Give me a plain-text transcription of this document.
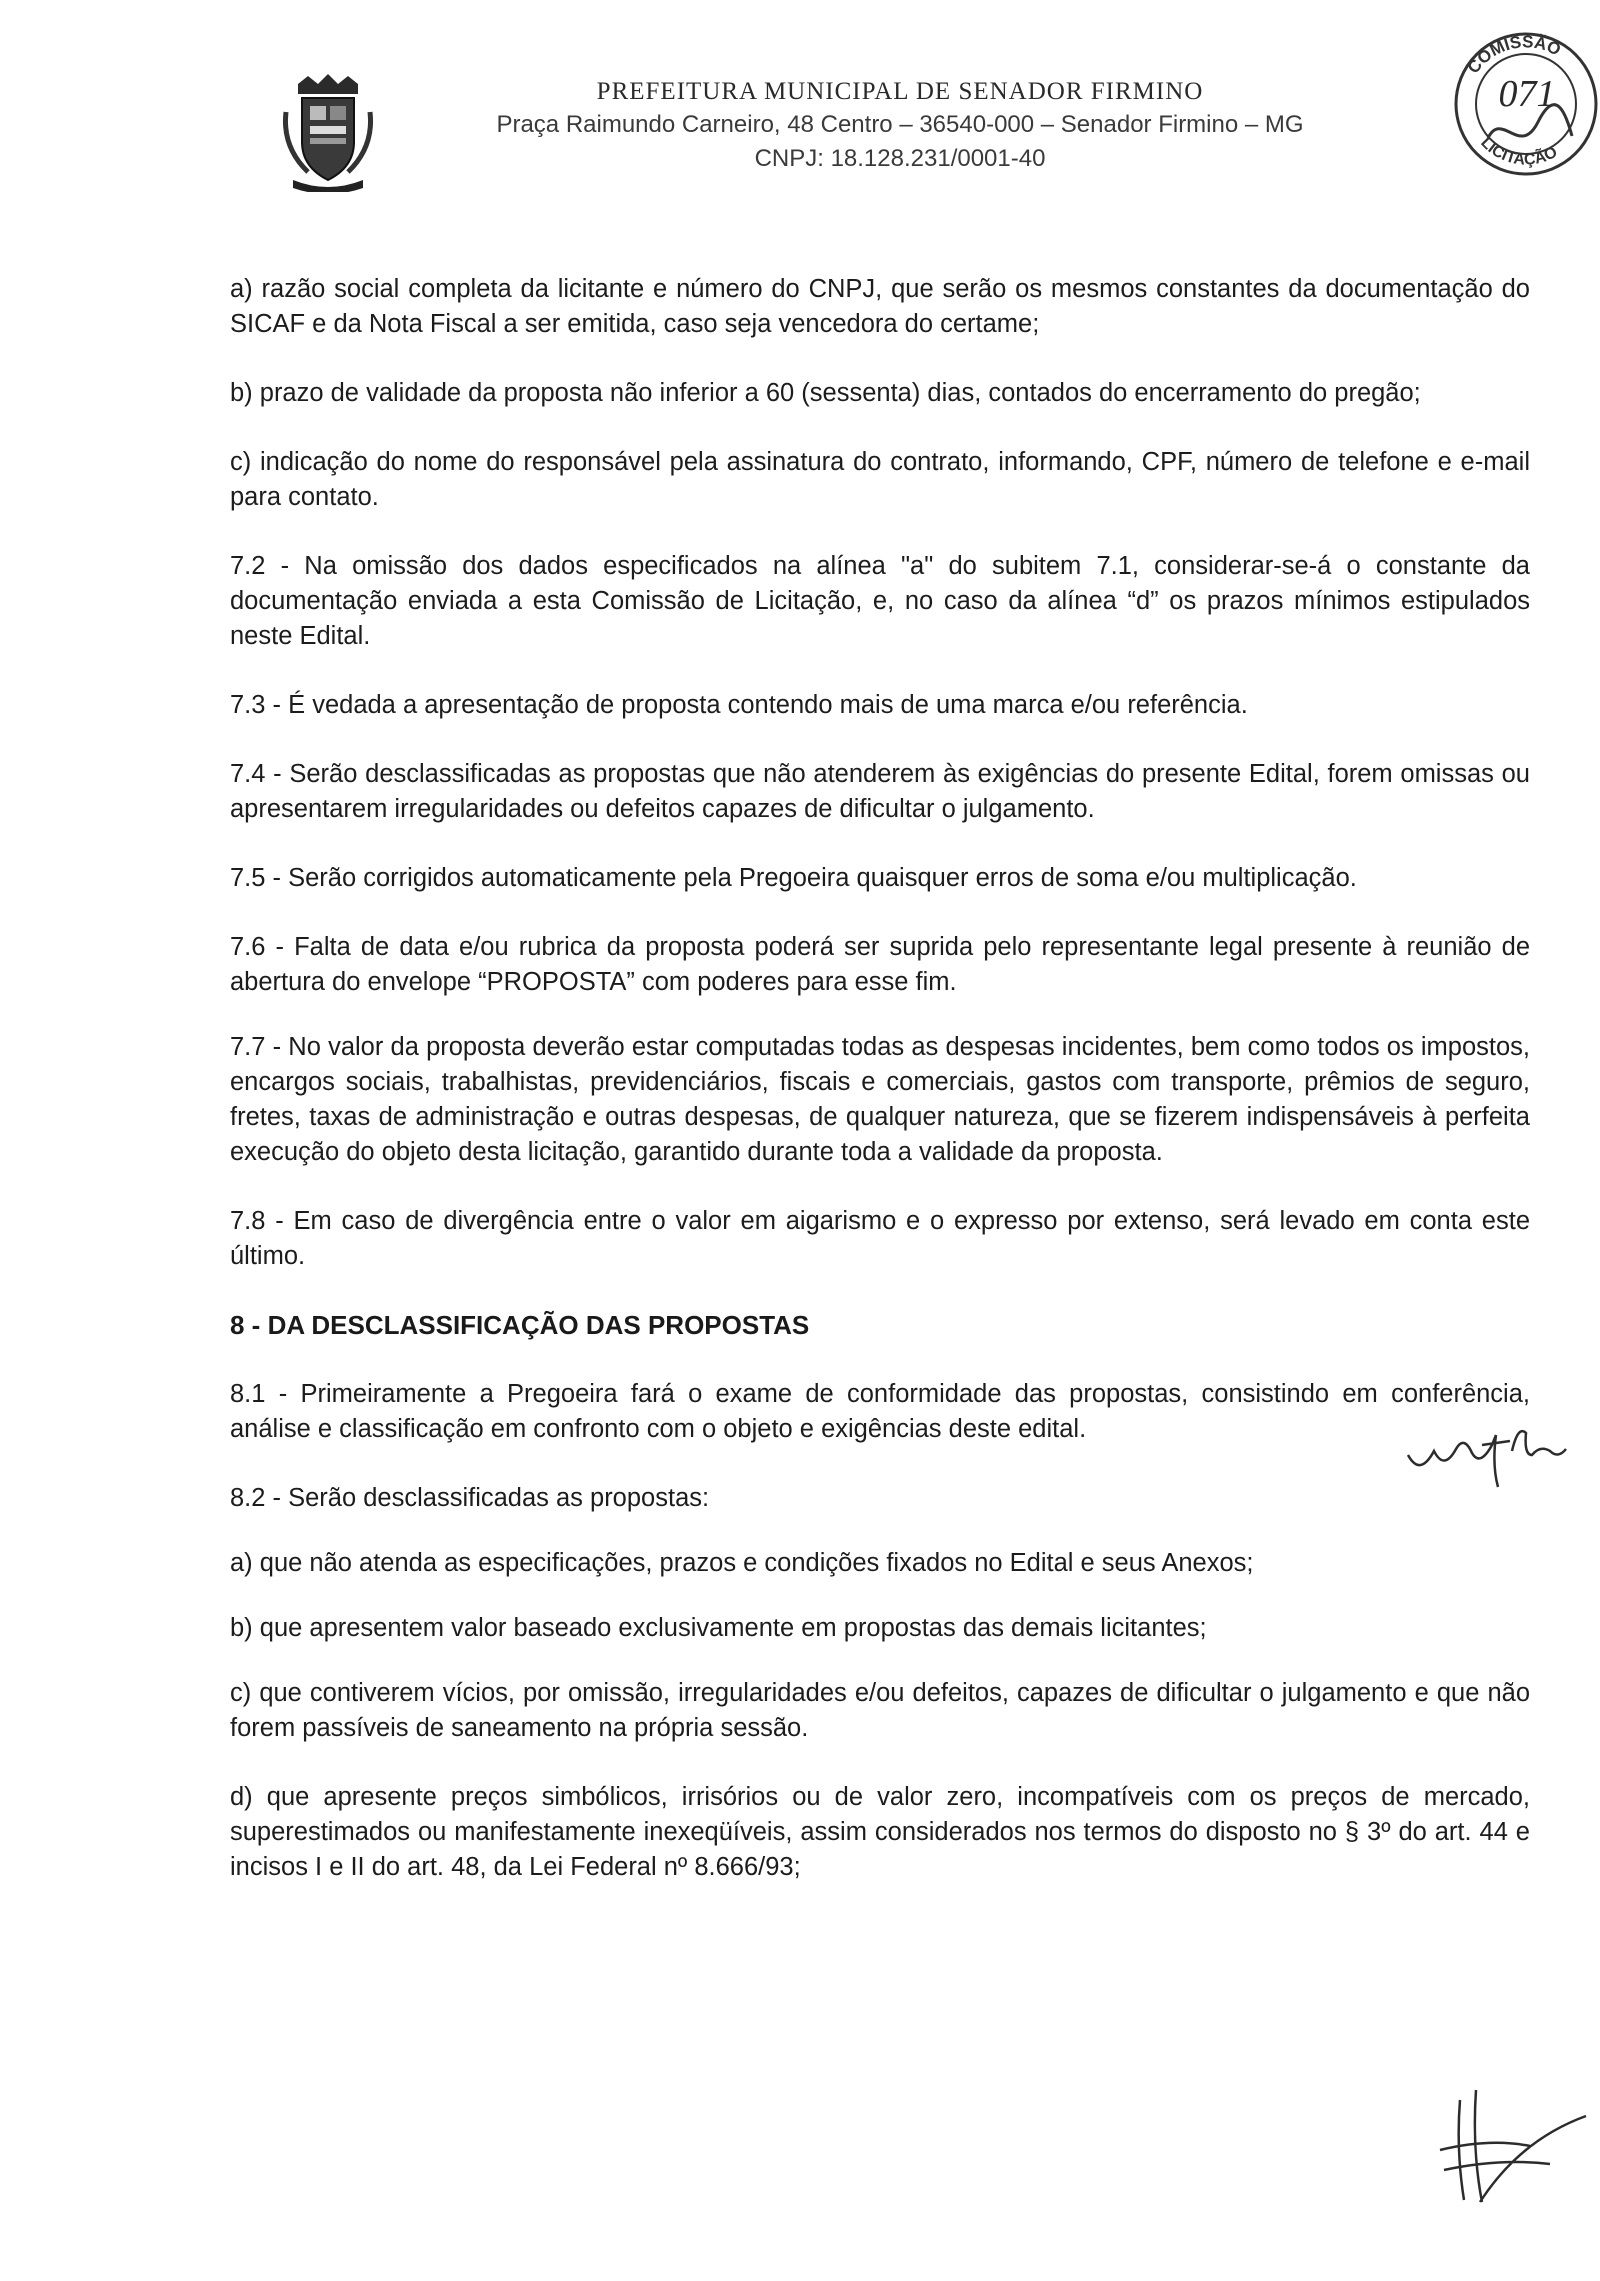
PREFEITURA MUNICIPAL DE SENADOR FIRMINO
Praça Raimundo Carneiro, 48 Centro – 36540-000 – Senador Firmino – MG
CNPJ: 18.128.231/0001-40
COMISSÃO
LICITAÇÃO
071

a) razão social completa da licitante e número do CNPJ, que serão os mesmos constantes da documentação do SICAF e da Nota Fiscal a ser emitida, caso seja vencedora do certame;

b) prazo de validade da proposta não inferior a 60 (sessenta) dias, contados do encerramento do pregão;

c) indicação do nome do responsável pela assinatura do contrato, informando, CPF, número de telefone e e-mail para contato.

7.2 - Na omissão dos dados especificados na alínea "a" do subitem 7.1, considerar-se-á o constante da documentação enviada a esta Comissão de Licitação, e, no caso da alínea “d” os prazos mínimos estipulados neste Edital.

7.3 - É vedada a apresentação de proposta contendo mais de uma marca e/ou referência.

7.4 - Serão desclassificadas as propostas que não atenderem às exigências do presente Edital, forem omissas ou apresentarem irregularidades ou defeitos capazes de dificultar o julgamento.

7.5 - Serão corrigidos automaticamente pela Pregoeira quaisquer erros de soma e/ou multiplicação.

7.6 - Falta de data e/ou rubrica da proposta poderá ser suprida pelo representante legal presente à reunião de abertura do envelope “PROPOSTA” com poderes para esse fim.

7.7 - No valor da proposta deverão estar computadas todas as despesas incidentes, bem como todos os impostos, encargos sociais, trabalhistas, previdenciários, fiscais e comerciais, gastos com transporte, prêmios de seguro, fretes, taxas de administração e outras despesas, de qualquer natureza, que se fizerem indispensáveis à perfeita execução do objeto desta licitação, garantido durante toda a validade da proposta.

7.8 - Em caso de divergência entre o valor em aigarismo e o expresso por extenso, será levado em conta este último.

8 - DA DESCLASSIFICAÇÃO DAS PROPOSTAS

8.1 - Primeiramente a Pregoeira fará o exame de conformidade das propostas, consistindo em conferência, análise e classificação em confronto com o objeto e exigências deste edital.

8.2 - Serão desclassificadas as propostas:

a) que não atenda as especificações, prazos e condições fixados no Edital e seus Anexos;

b) que apresentem valor baseado exclusivamente em propostas das demais licitantes;

c) que contiverem vícios, por omissão, irregularidades e/ou defeitos, capazes de dificultar o julgamento e que não forem passíveis de saneamento na própria sessão.

d) que apresente preços simbólicos, irrisórios ou de valor zero, incompatíveis com os preços de mercado, superestimados ou manifestamente inexeqüíveis, assim considerados nos termos do disposto no § 3º do art. 44 e incisos I e II do art. 48, da Lei Federal nº 8.666/93;
